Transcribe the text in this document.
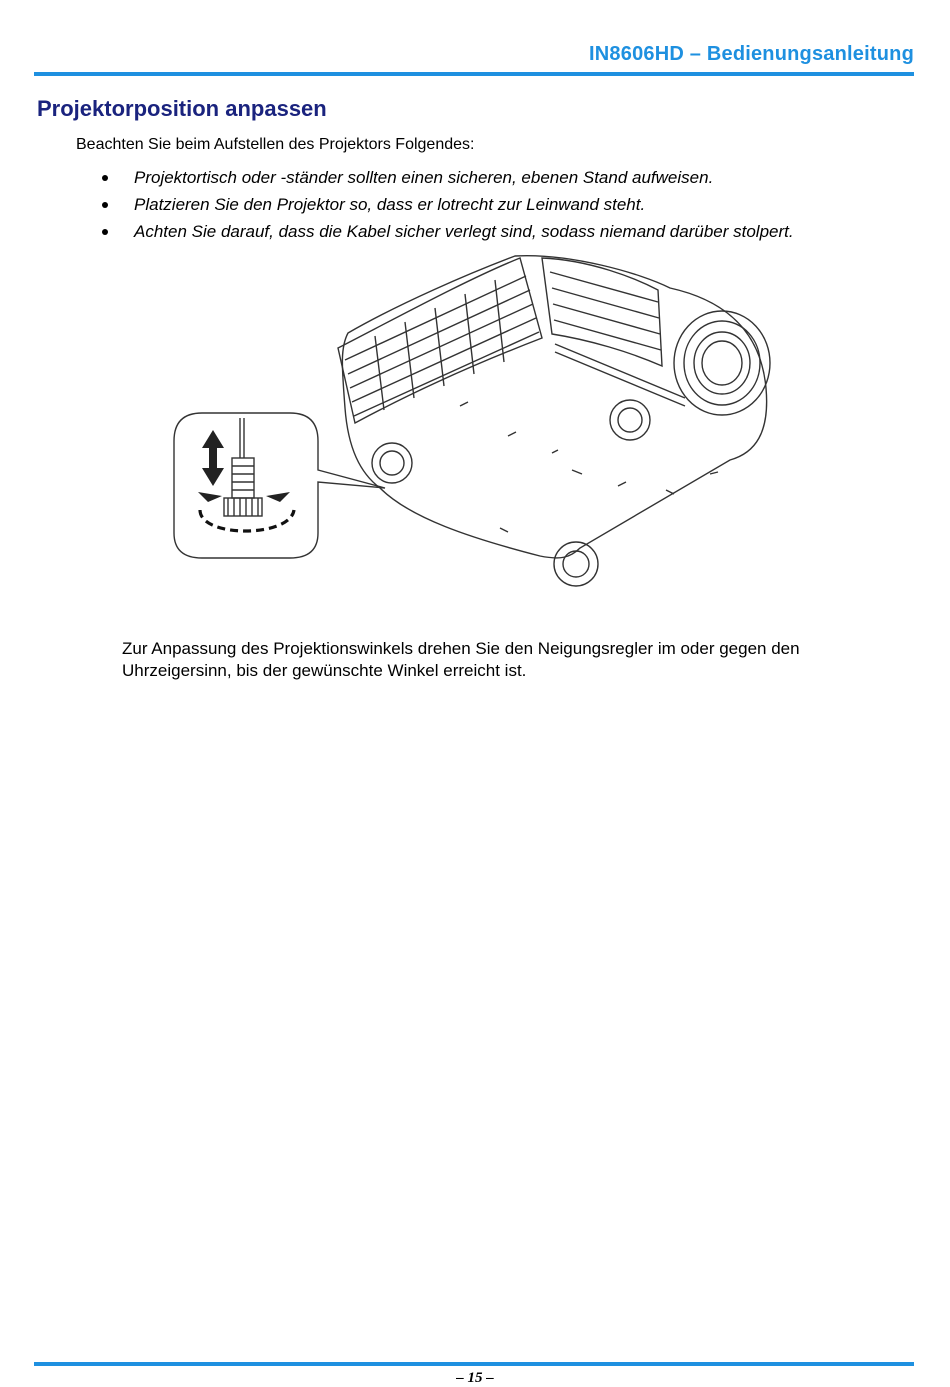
IN8606HD – Bedienungsanleitung
Projektorposition anpassen
Beachten Sie beim Aufstellen des Projektors Folgendes:
Projektortisch oder -ständer sollten einen sicheren, ebenen Stand aufweisen.
Platzieren Sie den Projektor so, dass er lotrecht zur Leinwand steht.
Achten Sie darauf, dass die Kabel sicher verlegt sind, sodass niemand darüber stolpert.
Zur Anpassung des Projektionswinkels drehen Sie den Neigungsregler im oder gegen den Uhrzeigersinn, bis der gewünschte Winkel erreicht ist.
– 15 –
